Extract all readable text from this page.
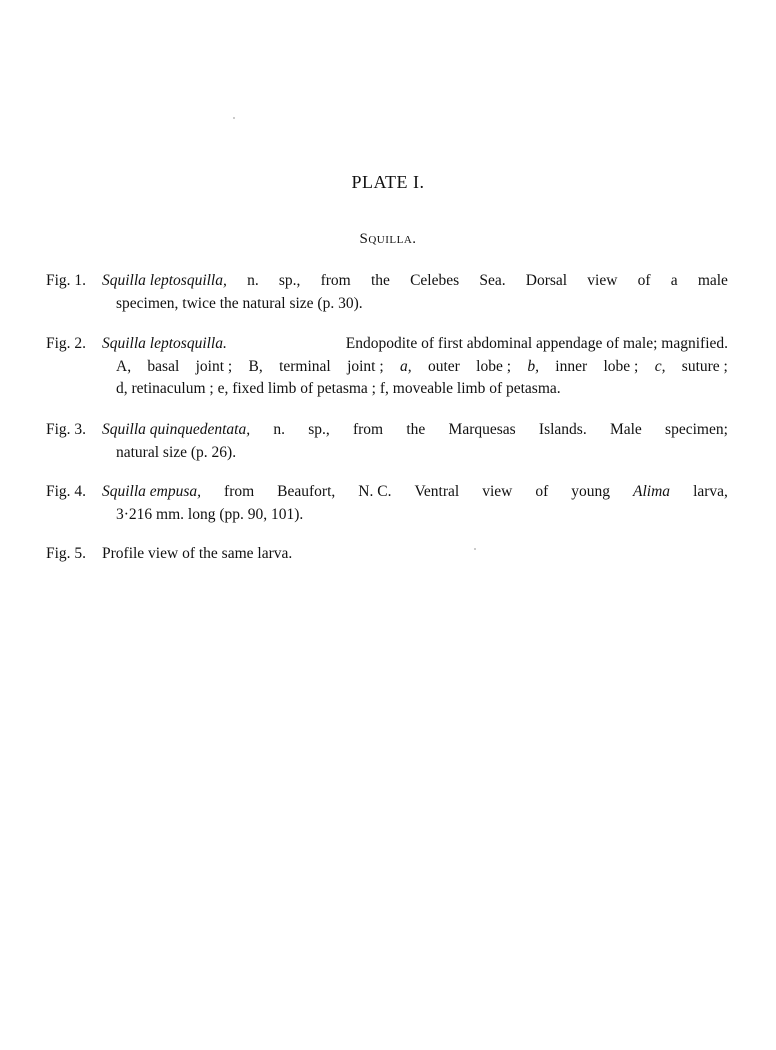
PLATE I.
Squilla.
Fig. 1. Squilla leptosquilla, n. sp., from the Celebes Sea. Dorsal view of a male
specimen, twice the natural size (p. 30).
Fig. 2. Squilla leptosquilla.	Endopodite of first abdominal appendage of male; magnified.
A, basal joint ; B, terminal joint ; a, outer lobe ; b, inner lobe ; c, suture ;
d, retinaculum ; e, fixed limb of petasma ; f, moveable limb of petasma.
Fig. 3. Squilla quinquedentata, n. sp., from the Marquesas Islands. Male specimen;
natural size (p. 26).
Fig. 4. Squilla empusa, from Beaufort, N. C. Ventral view of young Alima larva,
3·216 mm. long (pp. 90, 101).
Fig. 5.	Profile view of the same larva.
